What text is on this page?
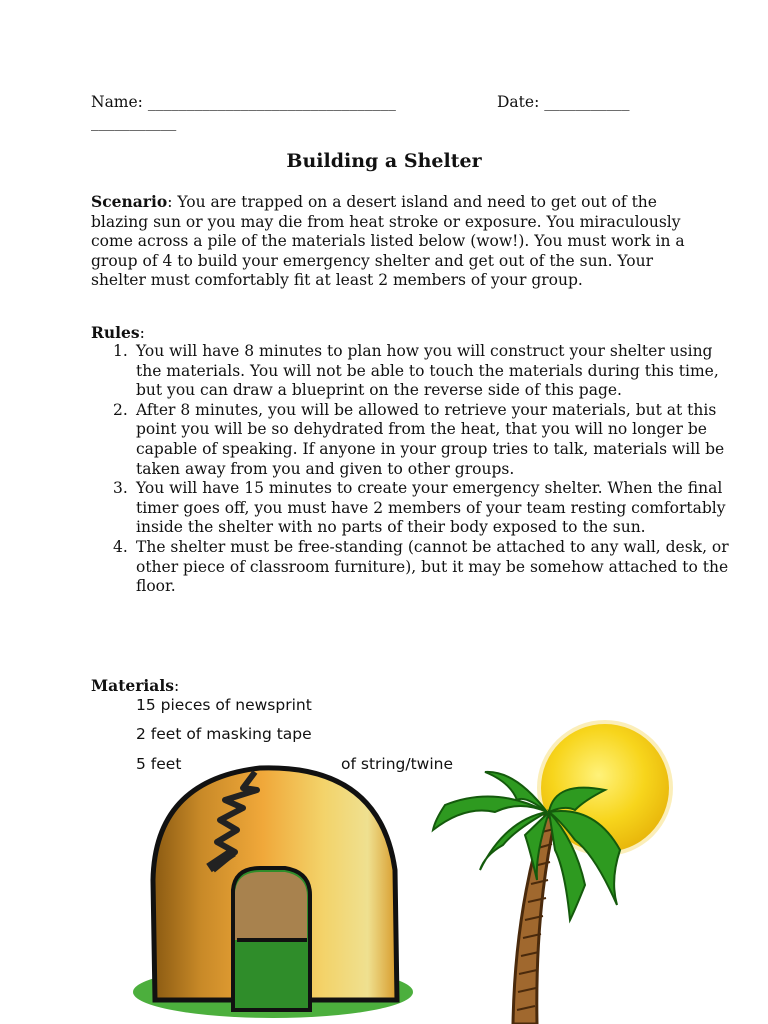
Name: ________________________________	Date: ___________
___________
Building a Shelter
Scenario: You are trapped on a desert island and need to get out of the blazing sun or you may die from heat stroke or exposure. You miraculously come across a pile of the materials listed below (wow!). You must work in a group of 4 to build your emergency shelter and get out of the sun. Your shelter must comfortably fit at least 2 members of your group.
Rules:
1. You will have 8 minutes to plan how you will construct your shelter using the materials. You will not be able to touch the materials during this time, but you can draw a blueprint on the reverse side of this page.
2. After 8 minutes, you will be allowed to retrieve your materials, but at this point you will be so dehydrated from the heat, that you will no longer be capable of speaking. If anyone in your group tries to talk, materials will be taken away from you and given to other groups.
3. You will have 15 minutes to create your emergency shelter. When the final timer goes off, you must have 2 members of your team resting comfortably inside the shelter with no parts of their body exposed to the sun.
4. The shelter must be free-standing (cannot be attached to any wall, desk, or other piece of classroom furniture), but it may be somehow attached to the floor.
Materials:
15 pieces of newsprint
2 feet of masking tape
5 feet	of string/twine
